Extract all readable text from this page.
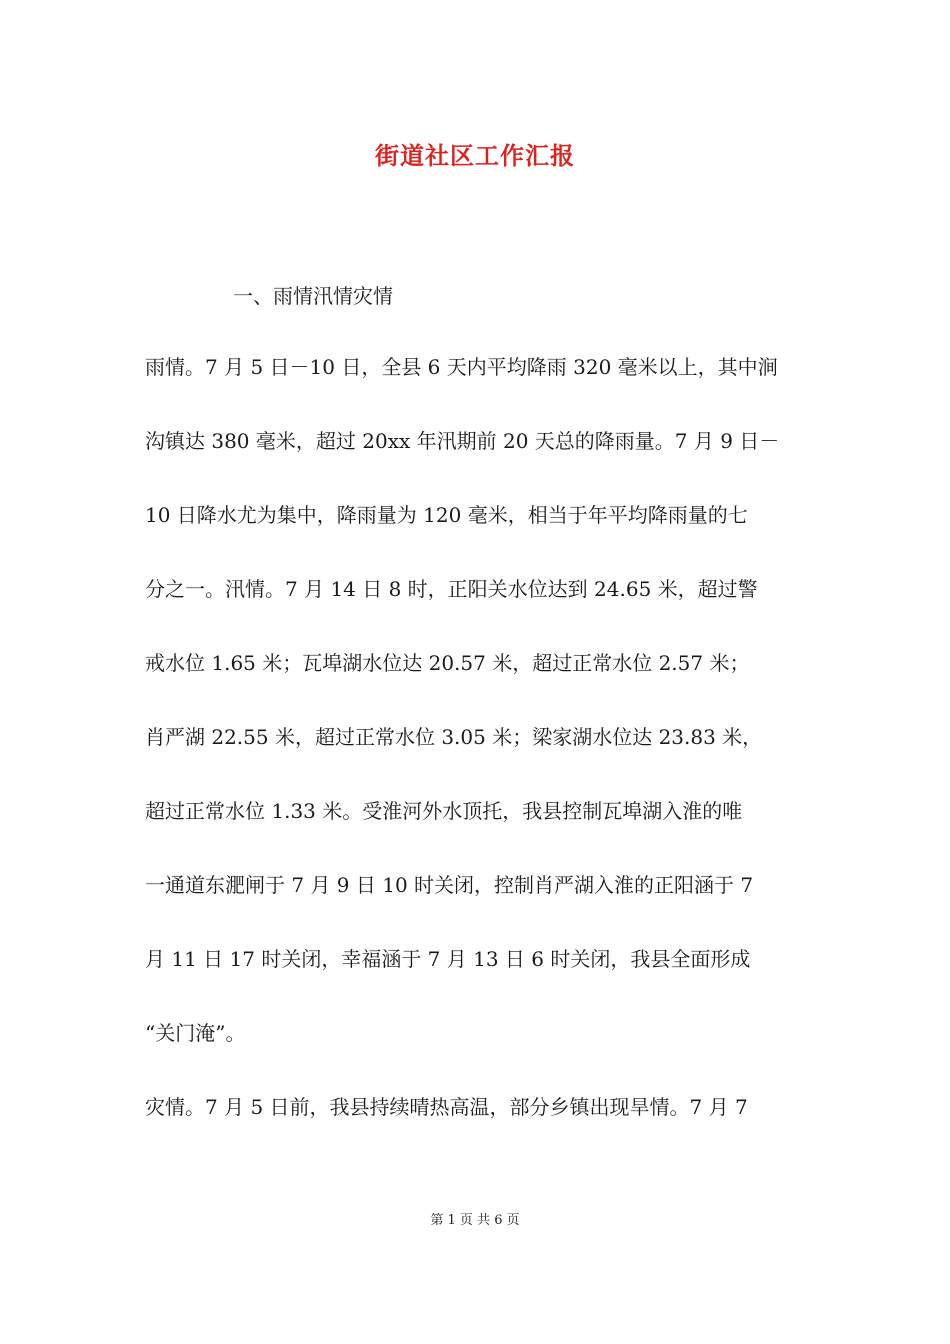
街道社区工作汇报

一、雨情汛情灾情

雨情。7 月 5 日－10 日，全县 6 天内平均降雨 320 毫米以上，其中涧

沟镇达 380 毫米，超过 20xx 年汛期前 20 天总的降雨量。7 月 9 日－

10 日降水尤为集中，降雨量为 120 毫米，相当于年平均降雨量的七

分之一。汛情。7 月 14 日 8 时，正阳关水位达到 24.65 米，超过警

戒水位 1.65 米；瓦埠湖水位达 20.57 米，超过正常水位 2.57 米；

肖严湖 22.55 米，超过正常水位 3.05 米；梁家湖水位达 23.83 米，

超过正常水位 1.33 米。受淮河外水顶托，我县控制瓦埠湖入淮的唯

一通道东淝闸于 7 月 9 日 10 时关闭，控制肖严湖入淮的正阳涵于 7

月 11 日 17 时关闭，幸福涵于 7 月 13 日 6 时关闭，我县全面形成

“关门淹”。

灾情。7 月 5 日前，我县持续晴热高温，部分乡镇出现旱情。7 月 7

第 1 页 共 6 页
